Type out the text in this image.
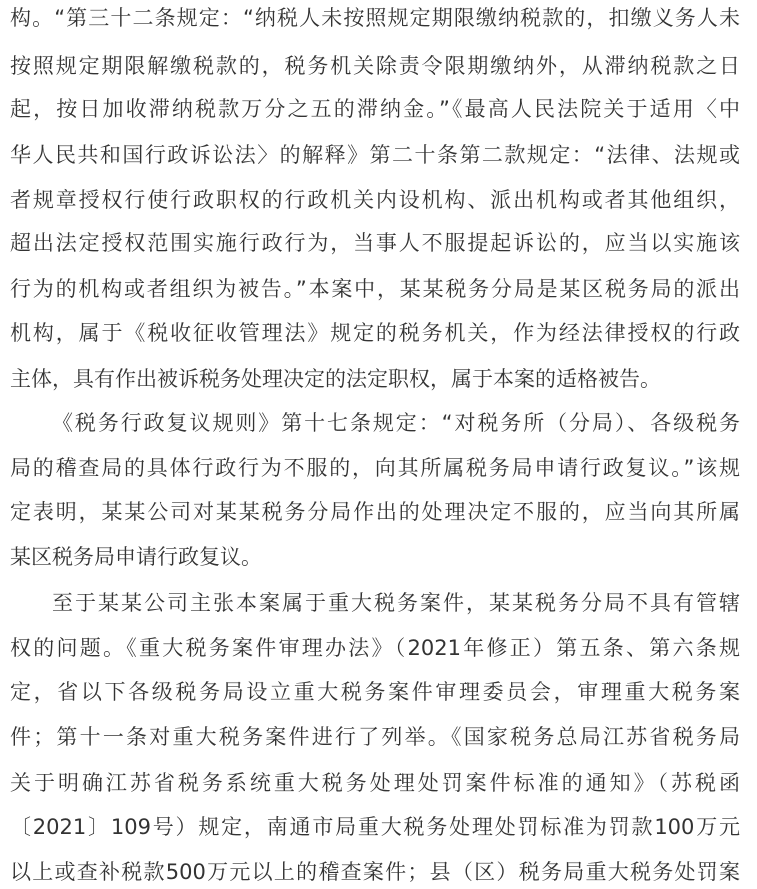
构。“第三十二条规定：“纳税人未按照规定期限缴纳税款的，扣缴义务人未
按照规定期限解缴税款的，税务机关除责令限期缴纳外，从滞纳税款之日
起，按日加收滞纳税款万分之五的滞纳金。”《最高人民法院关于适用〈中
华人民共和国行政诉讼法〉的解释》第二十条第二款规定：“法律、法规或
者规章授权行使行政职权的行政机关内设机构、派出机构或者其他组织，
超出法定授权范围实施行政行为，当事人不服提起诉讼的，应当以实施该
行为的机构或者组织为被告。”本案中，某某税务分局是某区税务局的派出
机构，属于《税收征收管理法》规定的税务机关，作为经法律授权的行政
主体，具有作出被诉税务处理决定的法定职权，属于本案的适格被告。
《税务行政复议规则》第十七条规定：“对税务所（分局）、各级税务
局的稽查局的具体行政行为不服的，向其所属税务局申请行政复议。”该规
定表明，某某公司对某某税务分局作出的处理决定不服的，应当向其所属
某区税务局申请行政复议。
至于某某公司主张本案属于重大税务案件，某某税务分局不具有管辖
权的问题。《重大税务案件审理办法》（2021年修正）第五条、第六条规
定，省以下各级税务局设立重大税务案件审理委员会，审理重大税务案
件；第十一条对重大税务案件进行了列举。《国家税务总局江苏省税务局
关于明确江苏省税务系统重大税务处理处罚案件标准的通知》（苏税函
〔2021〕109号）规定，南通市局重大税务处理处罚标准为罚款100万元
以上或查补税款500万元以上的稽查案件；县（区）税务局重大税务处罚案
